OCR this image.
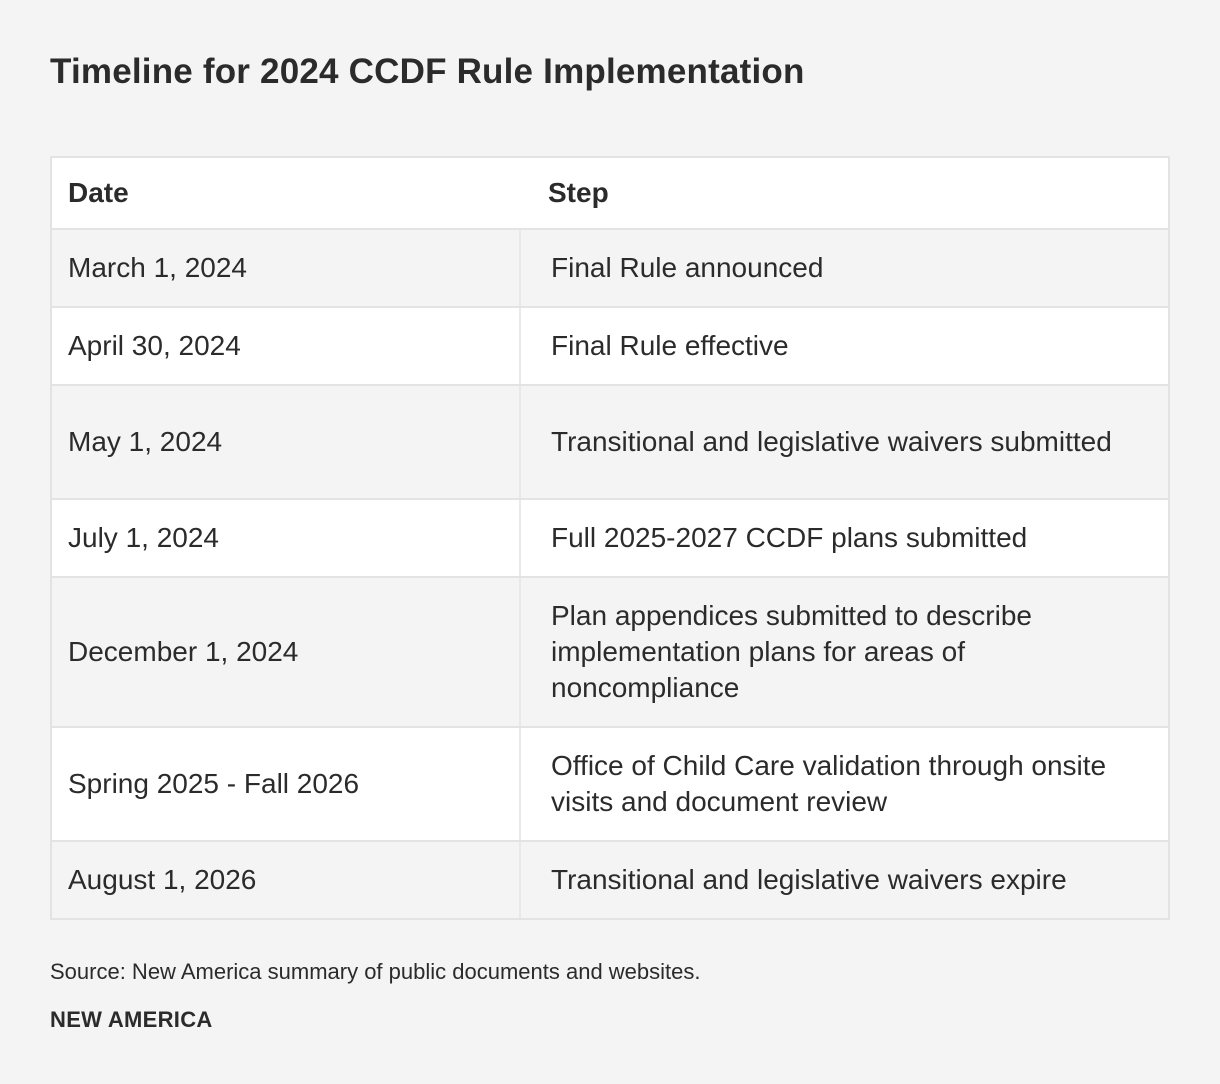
Timeline for 2024 CCDF Rule Implementation
Date	Step
March 1, 2024	Final Rule announced
April 30, 2024	Final Rule effective
May 1, 2024	Transitional and legislative waivers submitted
July 1, 2024	Full 2025-2027 CCDF plans submitted
December 1, 2024	Plan appendices submitted to describe implementation plans for areas of noncompliance
Spring 2025 - Fall 2026	Office of Child Care validation through onsite visits and document review
August 1, 2026	Transitional and legislative waivers expire
Source: New America summary of public documents and websites.
NEW AMERICA
